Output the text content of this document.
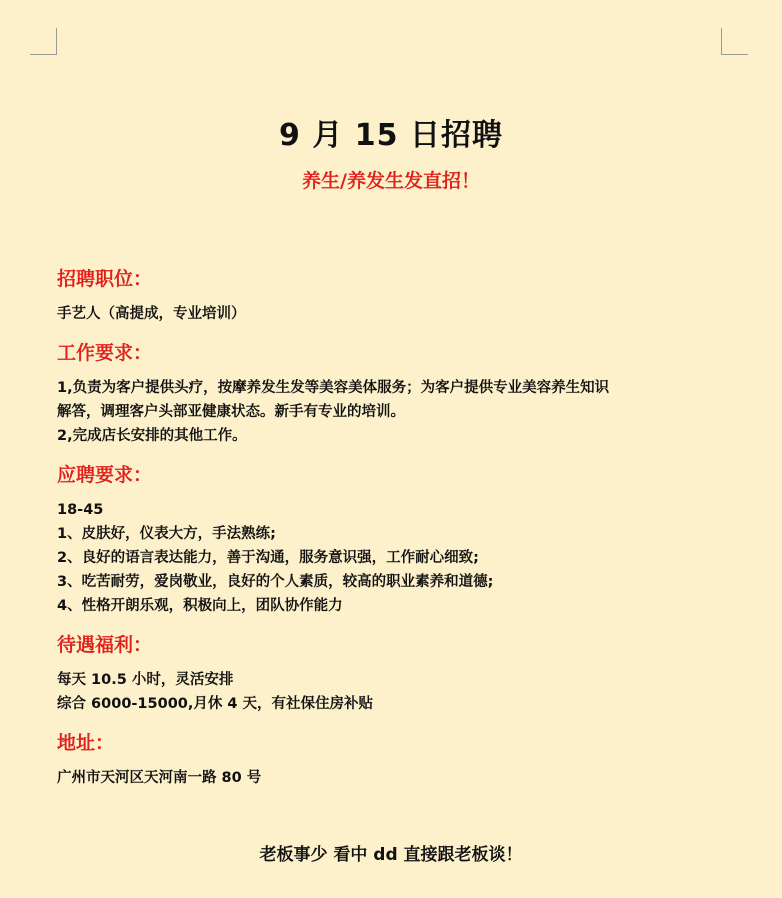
9 月 15 日招聘
养生/养发生发直招！

招聘职位：

手艺人（高提成，专业培训）

工作要求：

1,负责为客户提供头疗，按摩养发生发等美容美体服务；为客户提供专业美容养生知识

解答，调理客户头部亚健康状态。新手有专业的培训。

2,完成店长安排的其他工作。

应聘要求：

18-45

1、皮肤好，仪表大方，手法熟练;

2、良好的语言表达能力，善于沟通，服务意识强，工作耐心细致;

3、吃苦耐劳，爱岗敬业，良好的个人素质，较高的职业素养和道德;

4、性格开朗乐观，积极向上，团队协作能力

待遇福利：

每天 10.5 小时，灵活安排

综合 6000-15000,月休 4 天，有社保住房补贴

地址：

广州市天河区天河南一路 80 号

老板事少 看中 dd 直接跟老板谈！
